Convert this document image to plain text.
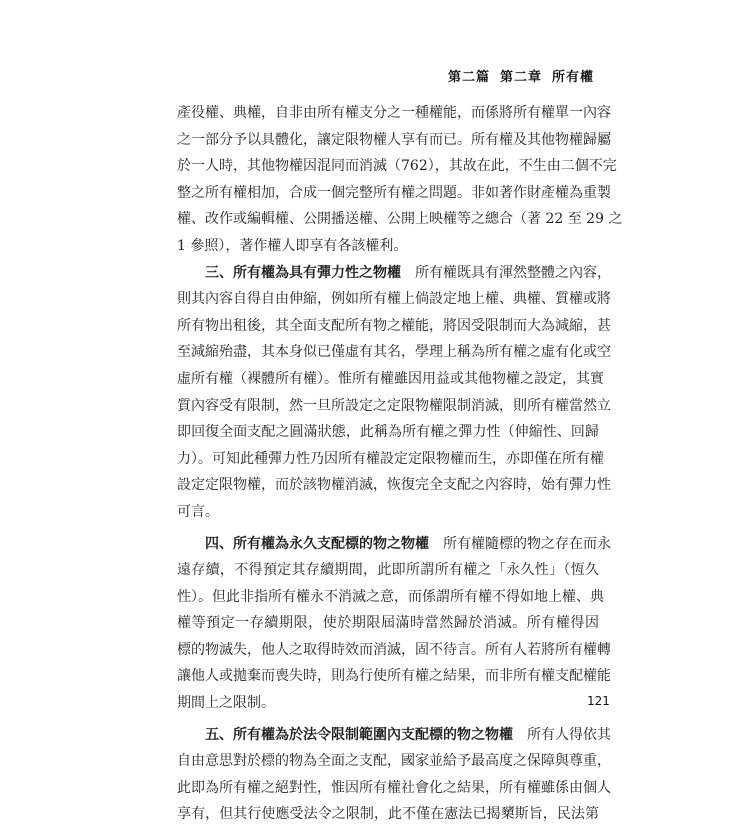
第二篇 第二章 所有權
產役權、典權，自非由所有權支分之一種權能，而係將所有權單一內容
之一部分予以具體化，讓定限物權人享有而已。所有權及其他物權歸屬
於一人時，其他物權因混同而消滅（762），其故在此，不生由二個不完
整之所有權相加，合成一個完整所有權之問題。非如著作財產權為重製
權、改作或編輯權、公開播送權、公開上映權等之總合（著 22 至 29 之
1 參照），著作權人即享有各該權利。
三、所有權為具有彈力性之物權　 所有權既具有渾然整體之內容，
則其內容自得自由伸縮，例如所有權上倘設定地上權、典權、質權或將
所有物出租後，其全面支配所有物之權能，將因受限制而大為減縮，甚
至減縮殆盡，其本身似已僅虛有其名，學理上稱為所有權之虛有化或空
虛所有權（裸體所有權）。惟所有權雖因用益或其他物權之設定，其實
質內容受有限制，然一旦所設定之定限物權限制消滅，則所有權當然立
即回復全面支配之圓滿狀態，此稱為所有權之彈力性（伸縮性、回歸
力）。可知此種彈力性乃因所有權設定定限物權而生，亦即僅在所有權
設定定限物權，而於該物權消滅，恢復完全支配之內容時，始有彈力性
可言。
四、所有權為永久支配標的物之物權　 所有權隨標的物之存在而永
遠存續，不得預定其存續期間，此即所謂所有權之「永久性」（恆久
性）。但此非指所有權永不消滅之意，而係謂所有權不得如地上權、典
權等預定一存續期限，使於期限屆滿時當然歸於消滅。所有權得因
標的物滅失，他人之取得時效而消滅，固不待言。所有人若將所有權轉
讓他人或拋棄而喪失時，則為行使所有權之結果，而非所有權支配權能
期間上之限制。
五、所有權為於法令限制範圍內支配標的物之物權　 所有人得依其
自由意思對於標的物為全面之支配，國家並給予最高度之保障與尊重，
此即為所有權之絕對性，惟因所有權社會化之結果，所有權雖係由個人
享有，但其行使應受法令之限制，此不僅在憲法已揭櫫斯旨，民法第
121
